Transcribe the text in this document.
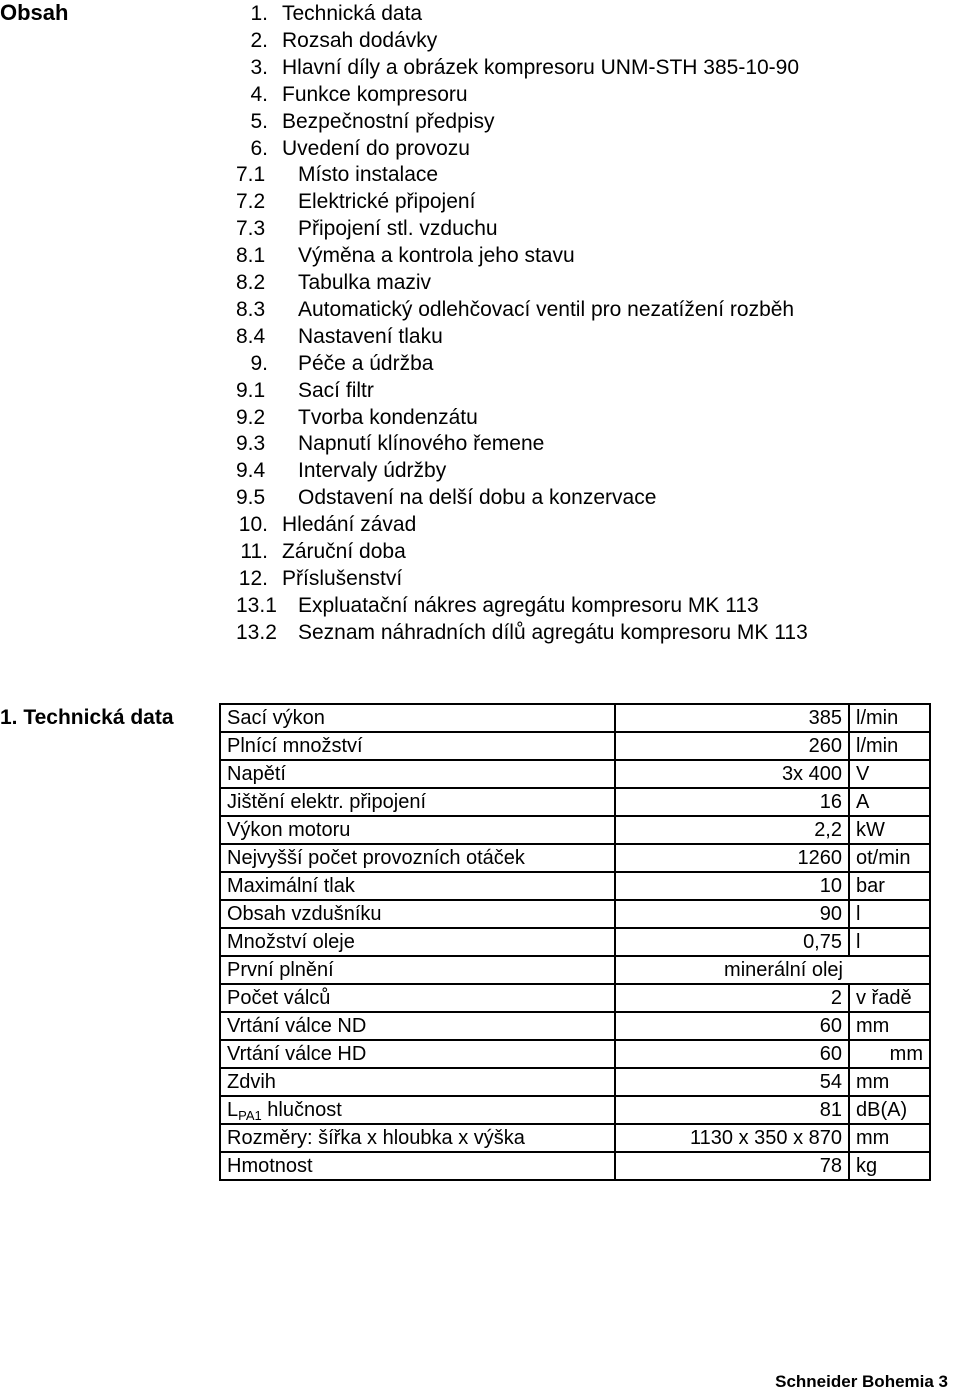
Obsah	1. Technická data
2. Rozsah dodávky
3. Hlavní díly a obrázek kompresoru UNM-STH 385-10-90
4. Funkce kompresoru
5. Bezpečnostní předpisy
6. Uvedení do provozu
7.1 Místo instalace
7.2 Elektrické připojení
7.3 Připojení stl. vzduchu
8.1 Výměna a kontrola jeho stavu
8.2 Tabulka maziv
8.3 Automatický odlehčovací ventil pro nezatížení rozběh
8.4 Nastavení tlaku
9. Péče a údržba
9.1 Sací filtr
9.2 Tvorba kondenzátu
9.3 Napnutí klínového řemene
9.4 Intervaly údržby
9.5 Odstavení na delší dobu a konzervace
10. Hledání závad
11. Záruční doba
12. Příslušenství
13.1 Expluatační nákres agregátu kompresoru MK 113
13.2 Seznam náhradních dílů agregátu kompresoru MK 113
1. Technická data	Sací výkon	385	l/min
Plnící množství	260	l/min
Napětí	3x 400	V
Jištění elektr. připojení	16	A
Výkon motoru	2,2	kW
Nejvyšší počet provozních otáček	1260	ot/min
Maximální tlak	10	bar
Obsah vzdušníku	90	l
Množství oleje	0,75	l
První plnění	minerální olej	
Počet válců	2	v řadě
Vrtání válce ND	60	mm
Vrtání válce HD	60	mm
Zdvih	54	mm
$L_{PA1}$ hlučnost	81	dB(A)
Rozměry: šířka x hloubka x výška	1130 x 350 x 870	mm
Hmotnost	78	kg
Schneider Bohemia 3
